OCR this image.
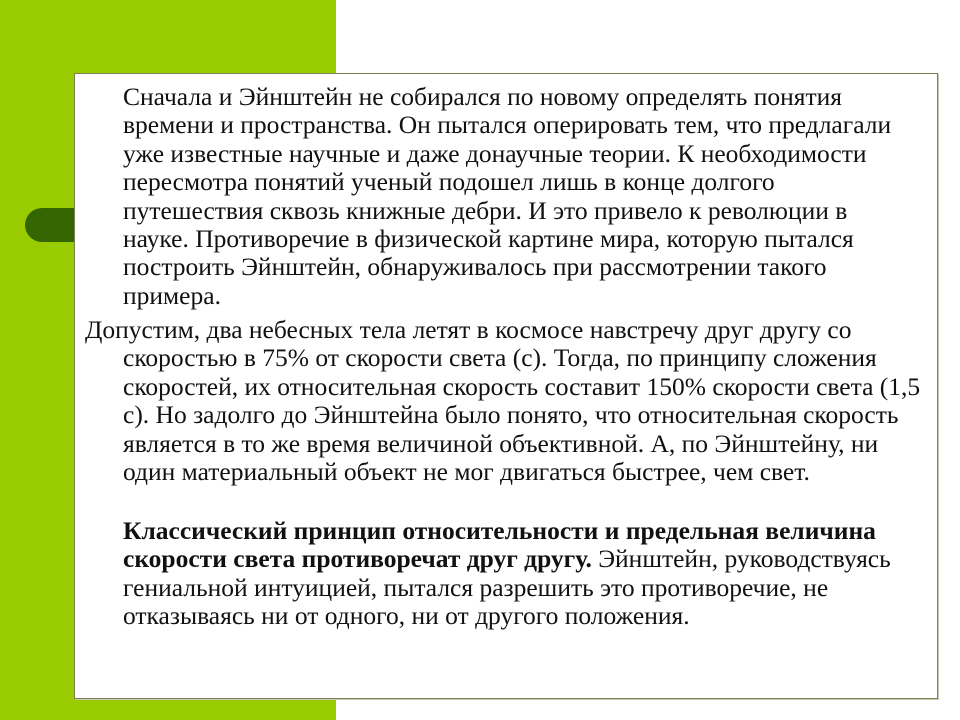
Сначала и Эйнштейн не собирался по новому определять понятия времени и пространства. Он пытался оперировать тем, что предлагали уже известные научные и даже донаучные теории. К необходимости пересмотра понятий ученый подошел лишь в конце долгого путешествия сквозь книжные дебри. И это привело к революции в науке. Противоречие в физической картине мира, которую пытался построить Эйнштейн, обнаруживалось при рассмотрении такого примера.

Допустим, два небесных тела летят в космосе навстречу друг другу со скоростью в 75% от скорости света (с). Тогда, по принципу сложения скоростей, их относительная скорость составит 150% скорости света (1,5 с). Но задолго до Эйнштейна было понято, что относительная скорость является в то же время величиной объективной. А, по Эйнштейну, ни один материальный объект не мог двигаться быстрее, чем свет.

Классический принцип относительности и предельная величина скорости света противоречат друг другу. Эйнштейн, руководствуясь гениальной интуицией, пытался разрешить это противоречие, не отказываясь ни от одного, ни от другого положения.
